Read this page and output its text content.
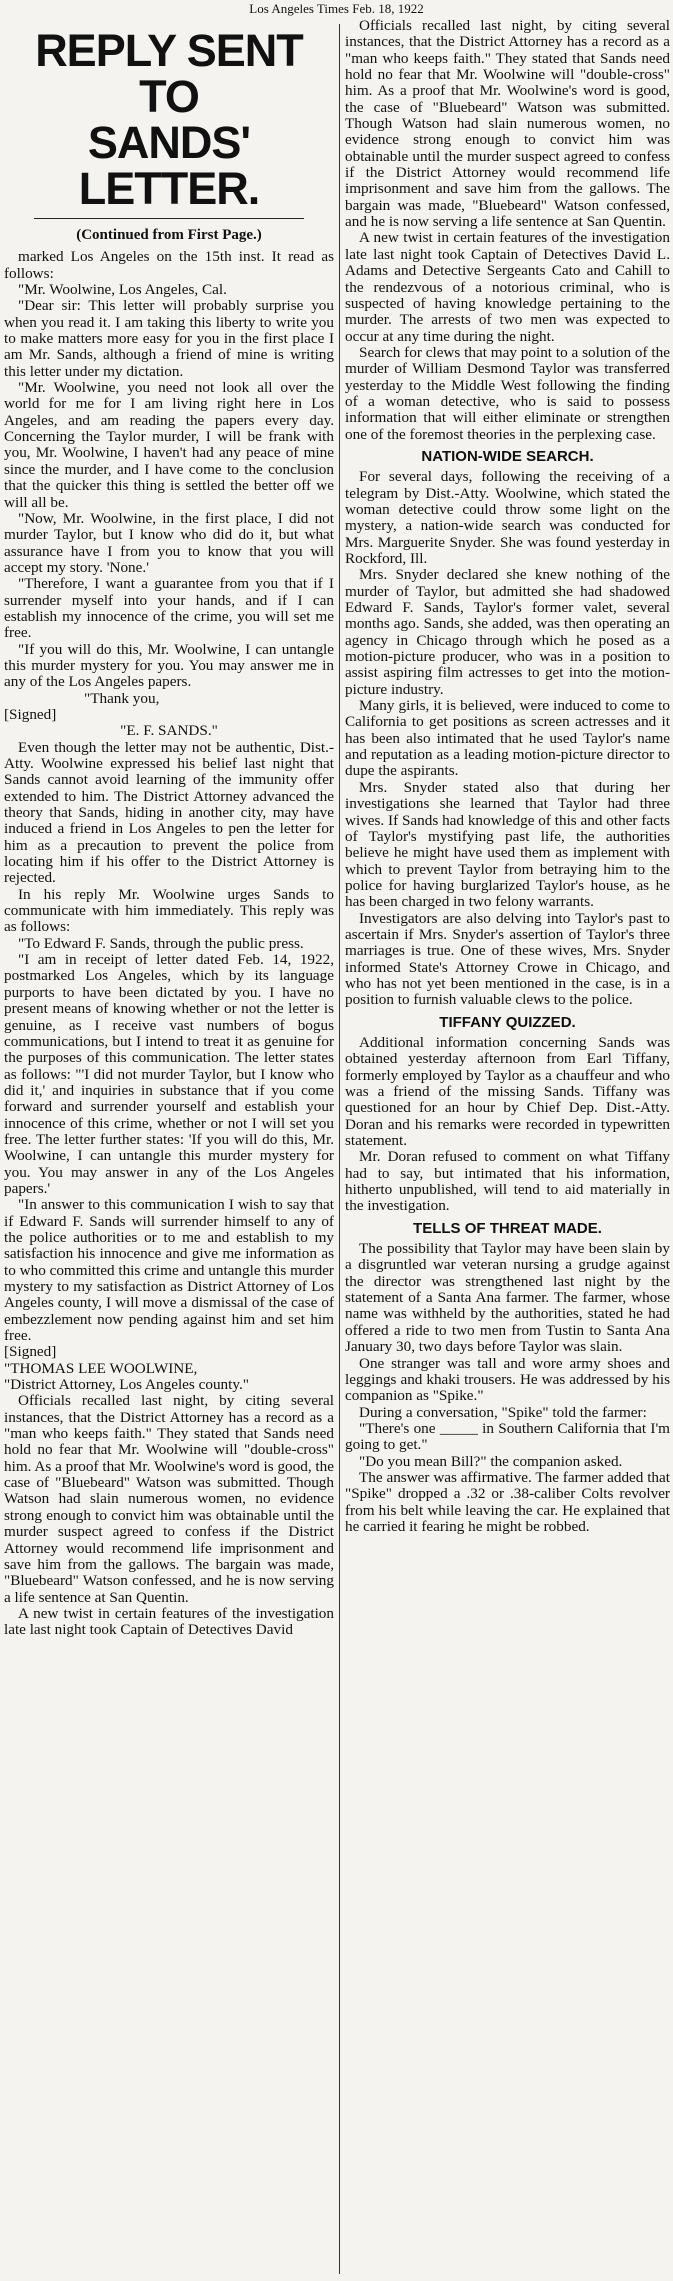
Los Angeles Times Feb. 18, 1922
REPLY SENT TO
SANDS' LETTER.
(Continued from First Page.)

marked Los Angeles on the 15th inst. It read as follows:

"Mr. Woolwine, Los Angeles, Cal.

"Dear sir: This letter will probably surprise you when you read it. I am taking this liberty to write you to make matters more easy for you in the first place I am Mr. Sands, although a friend of mine is writing this letter under my dictation.

"Mr. Woolwine, you need not look all over the world for me for I am living right here in Los Angeles, and am reading the papers every day. Concerning the Taylor murder, I will be frank with you, Mr. Woolwine, I haven't had any peace of mine since the murder, and I have come to the conclusion that the quicker this thing is settled the better off we will all be.

"Now, Mr. Woolwine, in the first place, I did not murder Taylor, but I know who did do it, but what assurance have I from you to know that you will accept my story. 'None.'

"Therefore, I want a guarantee from you that if I surrender myself into your hands, and if I can establish my innocence of the crime, you will set me free.

"If you will do this, Mr. Woolwine, I can untangle this murder mystery for you. You may answer me in any of the Los Angeles papers.

"Thank you,

[Signed]

"E. F. SANDS."

Even though the letter may not be authentic, Dist.-Atty. Woolwine expressed his belief last night that Sands cannot avoid learning of the immunity offer extended to him. The District Attorney advanced the theory that Sands, hiding in another city, may have induced a friend in Los Angeles to pen the letter for him as a precaution to prevent the police from locating him if his offer to the District Attorney is rejected.

In his reply Mr. Woolwine urges Sands to communicate with him immediately. This reply was as follows:

"To Edward F. Sands, through the public press.

"I am in receipt of letter dated Feb. 14, 1922, postmarked Los Angeles, which by its language purports to have been dictated by you. I have no present means of knowing whether or not the letter is genuine, as I receive vast numbers of bogus communications, but I intend to treat it as genuine for the purposes of this communication. The letter states as follows: "'I did not murder Taylor, but I know who did it,' and inquiries in substance that if you come forward and surrender yourself and establish your innocence of this crime, whether or not I will set you free. The letter further states: 'If you will do this, Mr. Woolwine, I can untangle this murder mystery for you. You may answer in any of the Los Angeles papers.'

"In answer to this communication I wish to say that if Edward F. Sands will surrender himself to any of the police authorities or to me and establish to my satisfaction his innocence and give me information as to who committed this crime and untangle this murder mystery to my satisfaction as District Attorney of Los Angeles county, I will move a dismissal of the case of embezzlement now pending against him and set him free.

[Signed]

"THOMAS LEE WOOLWINE,

"District Attorney, Los Angeles county."

Officials recalled last night, by citing several instances, that the District Attorney has a record as a "man who keeps faith." They stated that Sands need hold no fear that Mr. Woolwine will "double-cross" him. As a proof that Mr. Woolwine's word is good, the case of "Bluebeard" Watson was submitted. Though Watson had slain numerous women, no evidence strong enough to convict him was obtainable until the murder suspect agreed to confess if the District Attorney would recommend life imprisonment and save him from the gallows. The bargain was made, "Bluebeard" Watson confessed, and he is now serving a life sentence at San Quentin.

A new twist in certain features of the investigation late last night took Captain of Detectives David

Officials recalled last night, by citing several instances, that the District Attorney has a record as a "man who keeps faith." They stated that Sands need hold no fear that Mr. Woolwine will "double-cross" him. As a proof that Mr. Woolwine's word is good, the case of "Bluebeard" Watson was submitted. Though Watson had slain numerous women, no evidence strong enough to convict him was obtainable until the murder suspect agreed to confess if the District Attorney would recommend life imprisonment and save him from the gallows. The bargain was made, "Bluebeard" Watson confessed, and he is now serving a life sentence at San Quentin.

A new twist in certain features of the investigation late last night took Captain of Detectives David L. Adams and Detective Sergeants Cato and Cahill to the rendezvous of a notorious criminal, who is suspected of having knowledge pertaining to the murder. The arrests of two men was expected to occur at any time during the night.

Search for clews that may point to a solution of the murder of William Desmond Taylor was transferred yesterday to the Middle West following the finding of a woman detective, who is said to possess information that will either eliminate or strengthen one of the foremost theories in the perplexing case.

NATION-WIDE SEARCH.

For several days, following the receiving of a telegram by Dist.-Atty. Woolwine, which stated the woman detective could throw some light on the mystery, a nation-wide search was conducted for Mrs. Marguerite Snyder. She was found yesterday in Rockford, Ill.

Mrs. Snyder declared she knew nothing of the murder of Taylor, but admitted she had shadowed Edward F. Sands, Taylor's former valet, several months ago. Sands, she added, was then operating an agency in Chicago through which he posed as a motion-picture producer, who was in a position to assist aspiring film actresses to get into the motion-picture industry.

Many girls, it is believed, were induced to come to California to get positions as screen actresses and it has been also intimated that he used Taylor's name and reputation as a leading motion-picture director to dupe the aspirants.

Mrs. Snyder stated also that during her investigations she learned that Taylor had three wives. If Sands had knowledge of this and other facts of Taylor's mystifying past life, the authorities believe he might have used them as implement with which to prevent Taylor from betraying him to the police for having burglarized Taylor's house, as he has been charged in two felony warrants.

Investigators are also delving into Taylor's past to ascertain if Mrs. Snyder's assertion of Taylor's three marriages is true. One of these wives, Mrs. Snyder informed State's Attorney Crowe in Chicago, and who has not yet been mentioned in the case, is in a position to furnish valuable clews to the police.

TIFFANY QUIZZED.

Additional information concerning Sands was obtained yesterday afternoon from Earl Tiffany, formerly employed by Taylor as a chauffeur and who was a friend of the missing Sands. Tiffany was questioned for an hour by Chief Dep. Dist.-Atty. Doran and his remarks were recorded in typewritten statement.

Mr. Doran refused to comment on what Tiffany had to say, but intimated that his information, hitherto unpublished, will tend to aid materially in the investigation.

TELLS OF THREAT MADE.

The possibility that Taylor may have been slain by a disgruntled war veteran nursing a grudge against the director was strengthened last night by the statement of a Santa Ana farmer. The farmer, whose name was withheld by the authorities, stated he had offered a ride to two men from Tustin to Santa Ana January 30, two days before Taylor was slain.

One stranger was tall and wore army shoes and leggings and khaki trousers. He was addressed by his companion as "Spike."

During a conversation, "Spike" told the farmer:

"There's one _____ in Southern California that I'm going to get."

"Do you mean Bill?" the companion asked.

The answer was affirmative. The farmer added that "Spike" dropped a .32 or .38-caliber Colts revolver from his belt while leaving the car. He explained that he carried it fearing he might be robbed.
